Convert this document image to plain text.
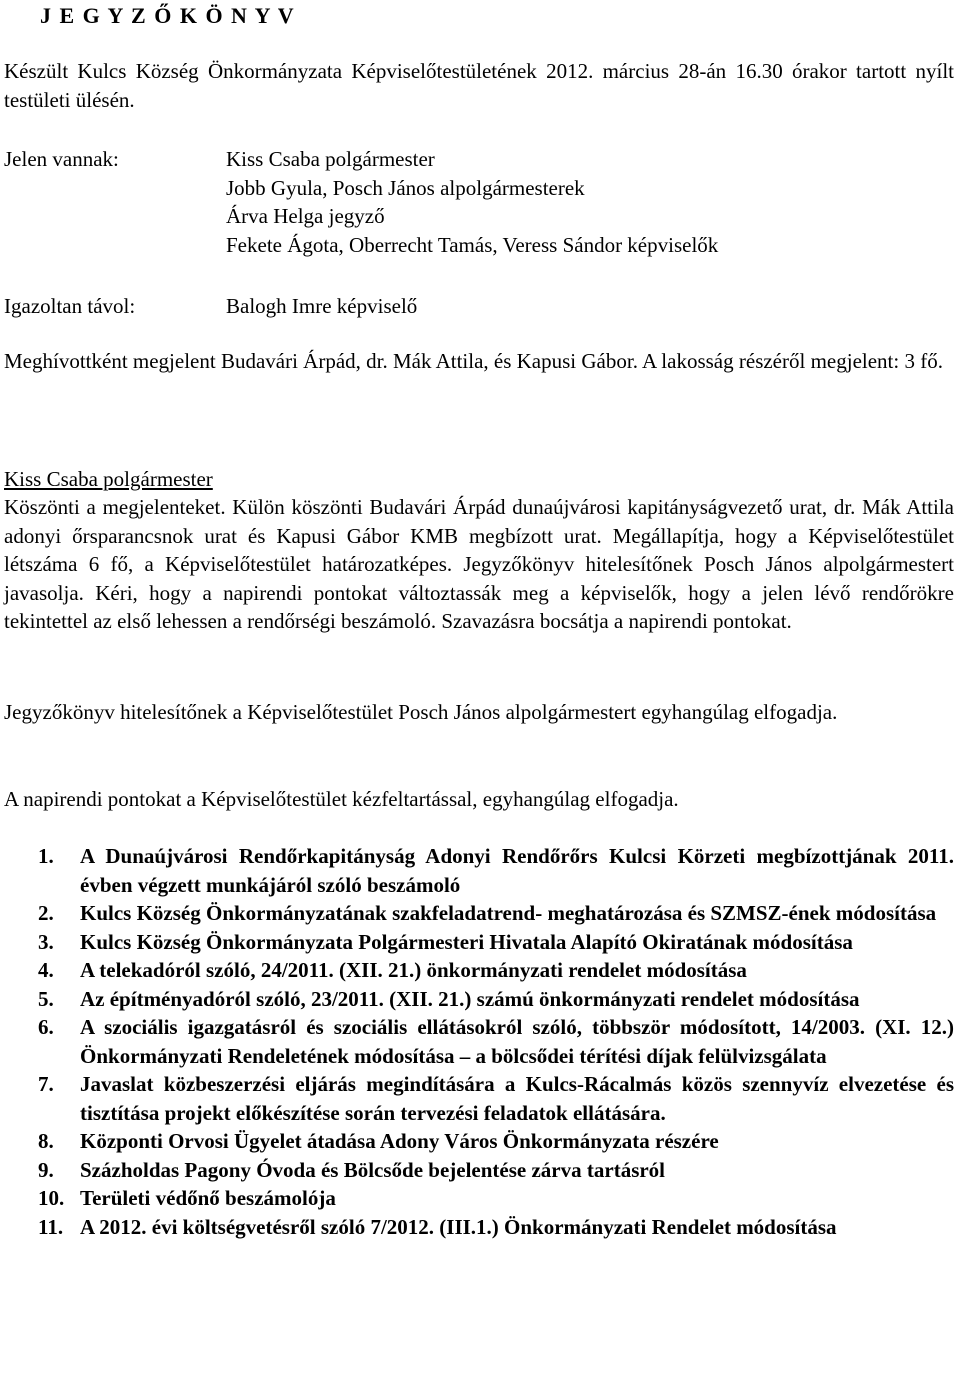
J E G Y Z Ő K Ö N Y V
Készült Kulcs Község Önkormányzata Képviselőtestületének 2012. március 28-án 16.30 órakor tartott nyílt testületi ülésén.
Jelen vannak:	Kiss Csaba polgármester
Jobb Gyula, Posch János alpolgármesterek
Árva Helga jegyző
Fekete Ágota, Oberrecht Tamás, Veress Sándor képviselők
Igazoltan távol:	Balogh Imre képviselő
Meghívottként megjelent Budavári Árpád, dr. Mák Attila, és Kapusi Gábor. A lakosság részéről megjelent: 3 fő.
Kiss Csaba polgármester
Köszönti a megjelenteket. Külön köszönti Budavári Árpád dunaújvárosi kapitányságvezető urat, dr. Mák Attila adonyi őrsparancsnok urat és Kapusi Gábor KMB megbízott urat. Megállapítja, hogy a Képviselőtestület létszáma 6 fő, a Képviselőtestület határozatképes. Jegyzőkönyv hitelesítőnek Posch János alpolgármestert javasolja. Kéri, hogy a napirendi pontokat változtassák meg a képviselők, hogy a jelen lévő rendőrökre tekintettel az első lehessen a rendőrségi beszámoló. Szavazásra bocsátja a napirendi pontokat.
Jegyzőkönyv hitelesítőnek a Képviselőtestület Posch János alpolgármestert egyhangúlag elfogadja.
A napirendi pontokat a Képviselőtestület kézfeltartással, egyhangúlag elfogadja.
1. A Dunaújvárosi Rendőrkapitányság Adonyi Rendőrőrs Kulcsi Körzeti megbízottjának 2011. évben végzett munkájáról szóló beszámoló
2. Kulcs Község Önkormányzatának szakfeladatrend- meghatározása és SZMSZ-ének módosítása
3. Kulcs Község Önkormányzata Polgármesteri Hivatala Alapító Okiratának módosítása
4. A telekadóról szóló, 24/2011. (XII. 21.) önkormányzati rendelet módosítása
5. Az építményadóról szóló, 23/2011. (XII. 21.) számú önkormányzati rendelet módosítása
6. A szociális igazgatásról és szociális ellátásokról szóló, többször módosított, 14/2003. (XI. 12.) Önkormányzati Rendeletének módosítása – a bölcsődei térítési díjak felülvizsgálata
7. Javaslat közbeszerzési eljárás megindítására a Kulcs-Rácalmás közös szennyvíz elvezetése és tisztítása projekt előkészítése során tervezési feladatok ellátására.
8. Központi Orvosi Ügyelet átadása Adony Város Önkormányzata részére
9. Százholdas Pagony Óvoda és Bölcsőde bejelentése zárva tartásról
10. Területi védőnő beszámolója
11. A 2012. évi költségvetésről szóló 7/2012. (III.1.) Önkormányzati Rendelet módosítása
